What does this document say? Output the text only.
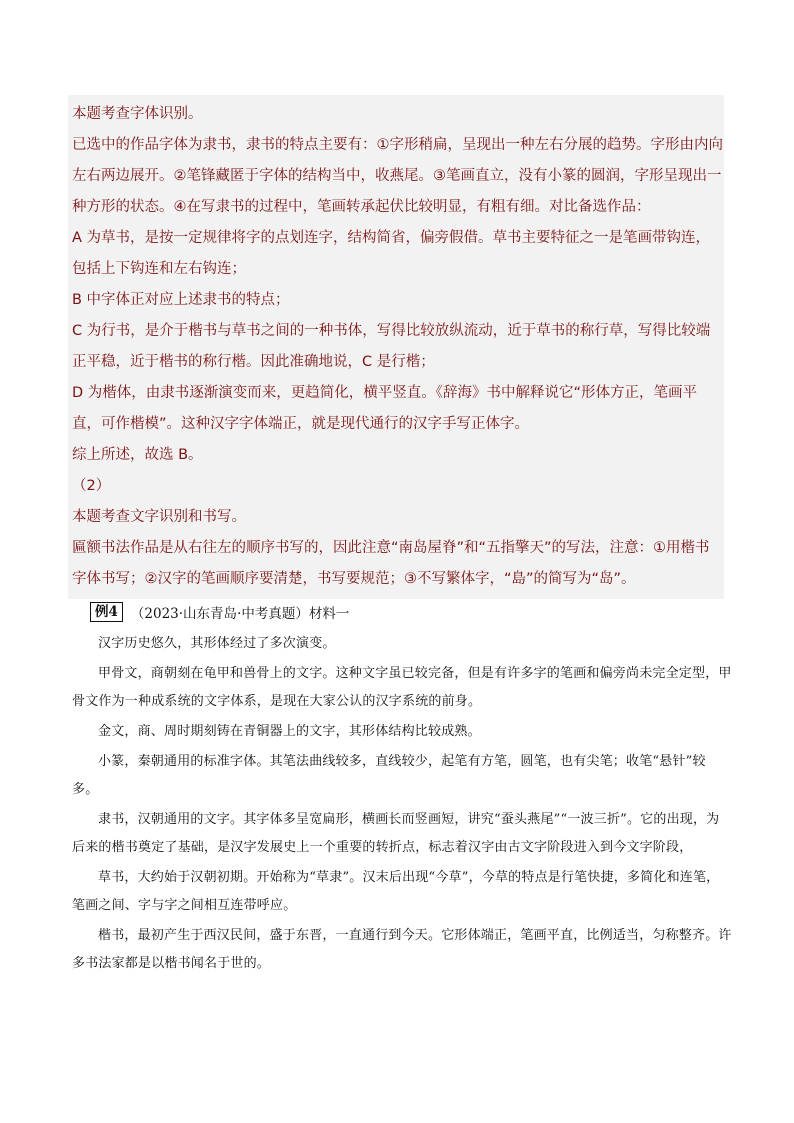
本题考查字体识别。

已选中的作品字体为隶书，隶书的特点主要有：①字形稍扁，呈现出一种左右分展的趋势。字形由内向左右两边展开。②笔锋藏匿于字体的结构当中，收燕尾。③笔画直立，没有小篆的圆润，字形呈现出一种方形的状态。④在写隶书的过程中，笔画转承起伏比较明显，有粗有细。对比备选作品：

A 为草书，是按一定规律将字的点划连字，结构简省，偏旁假借。草书主要特征之一是笔画带钩连，包括上下钩连和左右钩连；

B 中字体正对应上述隶书的特点；

C 为行书，是介于楷书与草书之间的一种书体，写得比较放纵流动，近于草书的称行草，写得比较端正平稳，近于楷书的称行楷。因此准确地说，C 是行楷；

D 为楷体，由隶书逐渐演变而来，更趋简化，横平竖直。《辞海》书中解释说它“形体方正，笔画平直，可作楷模”。这种汉字字体端正，就是现代通行的汉字手写正体字。

综上所述，故选 B。

（2）

本题考查文字识别和书写。

匾额书法作品是从右往左的顺序书写的，因此注意“南岛屋脊”和“五指擎天”的写法，注意：①用楷书字体书写；②汉字的笔画顺序要清楚，书写要规范；③不写繁体字，“島”的简写为“岛”。

例4 （2023·山东青岛·中考真题）材料一

汉字历史悠久，其形体经过了多次演变。

甲骨文，商朝刻在龟甲和兽骨上的文字。这种文字虽已较完备，但是有许多字的笔画和偏旁尚未完全定型，甲骨文作为一种成系统的文字体系，是现在大家公认的汉字系统的前身。

金文，商、周时期刻铸在青铜器上的文字，其形体结构比较成熟。

小篆，秦朝通用的标准字体。其笔法曲线较多，直线较少，起笔有方笔，圆笔，也有尖笔；收笔“悬针”较多。

隶书，汉朝通用的文字。其字体多呈宽扁形，横画长而竖画短，讲究“蚕头燕尾”“一波三折”。它的出现，为后来的楷书奠定了基础，是汉字发展史上一个重要的转折点，标志着汉字由古文字阶段进入到今文字阶段，

草书，大约始于汉朝初期。开始称为“草隶”。汉末后出现“今草”，今草的特点是行笔快捷，多简化和连笔，笔画之间、字与字之间相互连带呼应。

楷书，最初产生于西汉民间，盛于东晋，一直通行到今天。它形体端正，笔画平直，比例适当，匀称整齐。许多书法家都是以楷书闻名于世的。
